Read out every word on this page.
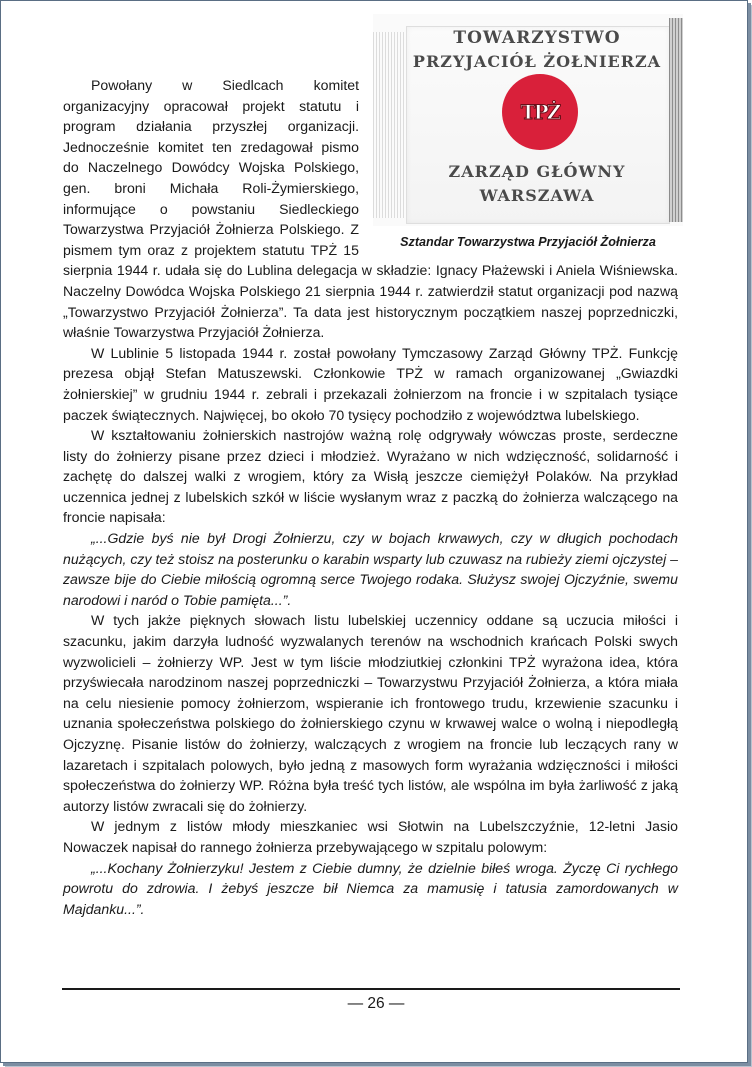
TOWARZYSTWO
PRZYJACIÓŁ ŻOŁNIERZA
TPŻ
ZARZĄD GŁÓWNY
WARSZAWA
Sztandar Towarzystwa Przyjaciół Żołnierza

Powołany w Siedlcach komitet organizacyjny opracował projekt statutu i program działania przyszłej organizacji. Jednocześnie komitet ten zredagował pismo do Naczelnego Dowódcy Wojska Polskiego, gen. broni Michała Roli-Żymierskiego, informujące o powstaniu Siedleckiego Towarzystwa Przyjaciół Żołnierza Polskiego. Z pismem tym oraz z projektem statutu TPŻ 15 sierpnia 1944 r. udała się do Lublina delegacja w składzie: Ignacy Płażewski i Aniela Wiśniewska. Naczelny Dowódca Wojska Polskiego 21 sierpnia 1944 r. zatwierdził statut organizacji pod nazwą „Towarzystwo Przyjaciół Żołnierza”. Ta data jest historycznym początkiem naszej poprzedniczki, właśnie Towarzystwa Przyjaciół Żołnierza.

W Lublinie 5 listopada 1944 r. został powołany Tymczasowy Zarząd Główny TPŻ. Funkcję prezesa objął Stefan Matuszewski. Członkowie TPŻ w ramach organizowanej „Gwiazdki żołnierskiej” w grudniu 1944 r. zebrali i przekazali żołnierzom na froncie i w szpitalach tysiące paczek świątecznych. Najwięcej, bo około 70 tysięcy pochodziło z województwa lubelskiego.

W kształtowaniu żołnierskich nastrojów ważną rolę odgrywały wówczas proste, serdeczne listy do żołnierzy pisane przez dzieci i młodzież. Wyrażano w nich wdzięczność, solidarność i zachętę do dalszej walki z wrogiem, który za Wisłą jeszcze ciemiężył Polaków. Na przykład uczennica jednej z lubelskich szkół w liście wysłanym wraz z paczką do żołnierza walczącego na froncie napisała:

„...Gdzie byś nie był Drogi Żołnierzu, czy w bojach krwawych, czy w długich pochodach nużących, czy też stoisz na posterunku o karabin wsparty lub czuwasz na rubieży ziemi ojczystej – zawsze bije do Ciebie miłością ogromną serce Twojego rodaka. Służysz swojej Ojczyźnie, swemu narodowi i naród o Tobie pamięta...”.

W tych jakże pięknych słowach listu lubelskiej uczennicy oddane są uczucia miłości i szacunku, jakim darzyła ludność wyzwalanych terenów na wschodnich krańcach Polski swych wyzwolicieli – żołnierzy WP. Jest w tym liście młodziutkiej członkini TPŻ wyrażona idea, która przyświecała narodzinom naszej poprzedniczki – Towarzystwu Przyjaciół Żołnierza, a która miała na celu niesienie pomocy żołnierzom, wspieranie ich frontowego trudu, krzewienie szacunku i uznania społeczeństwa polskiego do żołnierskiego czynu w krwawej walce o wolną i niepodległą Ojczyznę. Pisanie listów do żołnierzy, walczących z wrogiem na froncie lub leczących rany w lazaretach i szpitalach polowych, było jedną z masowych form wyrażania wdzięczności i miłości społeczeństwa do żołnierzy WP. Różna była treść tych listów, ale wspólna im była żarliwość z jaką autorzy listów zwracali się do żołnierzy.

W jednym z listów młody mieszkaniec wsi Słotwin na Lubelszczyźnie, 12-letni Jasio Nowaczek napisał do rannego żołnierza przebywającego w szpitalu polowym:

„...Kochany Żołnierzyku! Jestem z Ciebie dumny, że dzielnie biłeś wroga. Życzę Ci rychłego powrotu do zdrowia. I żebyś jeszcze bił Niemca za mamusię i tatusia zamordowanych w Majdanku...”.

— 26 —
